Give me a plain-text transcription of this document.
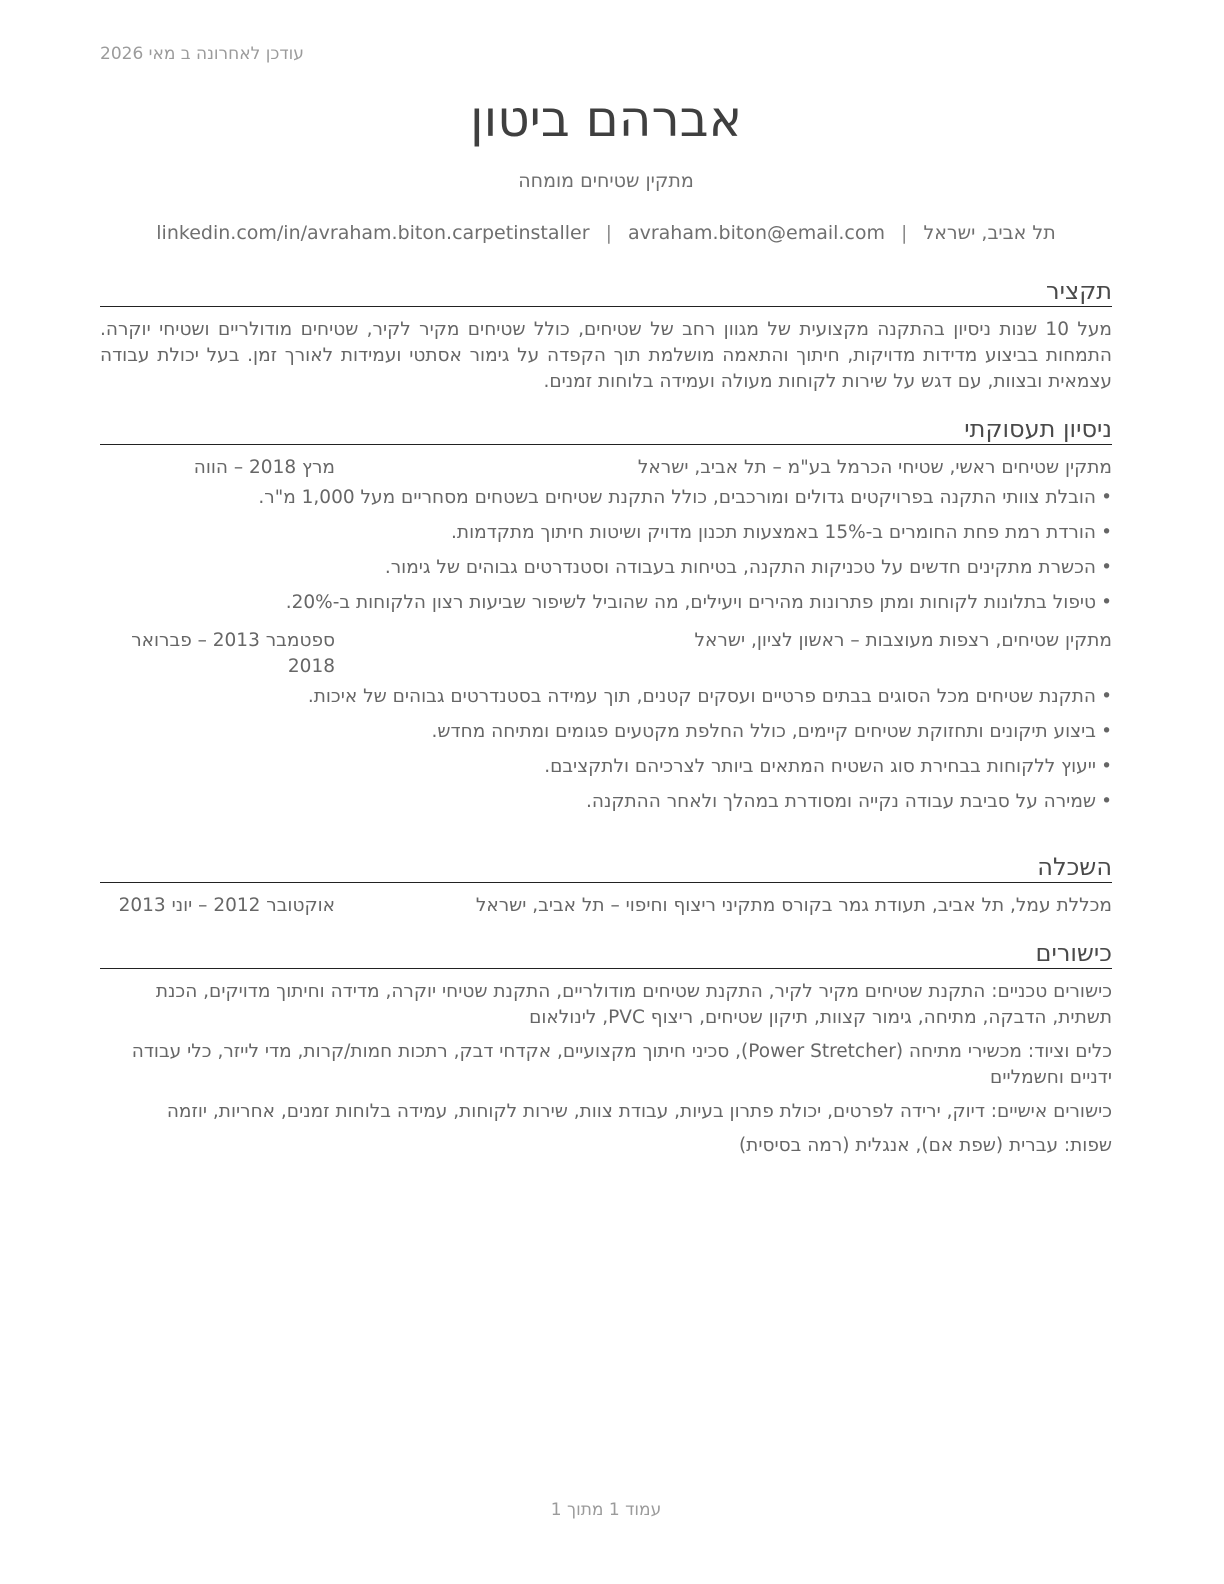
עודכן לאחרונה ב מאי 2026
אברהם ביטון
מתקין שטיחים מומחה
תל אביב, ישראל|avraham.biton@email.com|linkedin.com/in/avraham.biton.carpetinstaller
תקציר

מעל 10 שנות ניסיון בהתקנה מקצועית של מגוון רחב של שטיחים, כולל שטיחים מקיר לקיר, שטיחים מודולריים ושטיחי יוקרה. התמחות בביצוע מדידות מדויקות, חיתוך והתאמה מושלמת תוך הקפדה על גימור אסתטי ועמידות לאורך זמן. בעל יכולת עבודה עצמאית ובצוות, עם דגש על שירות לקוחות מעולה ועמידה בלוחות זמנים.

ניסיון תעסוקתי
מתקין שטיחים ראשי, שטיחי הכרמל בע"מ – תל אביב, ישראל
מרץ 2018 – הווה
• הובלת צוותי התקנה בפרויקטים גדולים ומורכבים, כולל התקנת שטיחים בשטחים מסחריים מעל 1,000 מ"ר.
• הורדת רמת פחת החומרים ב-15% באמצעות תכנון מדויק ושיטות חיתוך מתקדמות.
• הכשרת מתקינים חדשים על טכניקות התקנה, בטיחות בעבודה וסטנדרטים גבוהים של גימור.
• טיפול בתלונות לקוחות ומתן פתרונות מהירים ויעילים, מה שהוביל לשיפור שביעות רצון הלקוחות ב-20%.
מתקין שטיחים, רצפות מעוצבות – ראשון לציון, ישראל
ספטמבר 2013 – פברואר 2018
• התקנת שטיחים מכל הסוגים בבתים פרטיים ועסקים קטנים, תוך עמידה בסטנדרטים גבוהים של איכות.
• ביצוע תיקונים ותחזוקת שטיחים קיימים, כולל החלפת מקטעים פגומים ומתיחה מחדש.
• ייעוץ ללקוחות בבחירת סוג השטיח המתאים ביותר לצרכיהם ולתקציבם.
• שמירה על סביבת עבודה נקייה ומסודרת במהלך ולאחר ההתקנה.
השכלה
מכללת עמל, תל אביב, תעודת גמר בקורס מתקיני ריצוף וחיפוי – תל אביב, ישראל
אוקטובר 2012 – יוני 2013
כישורים

כישורים טכניים: התקנת שטיחים מקיר לקיר, התקנת שטיחים מודולריים, התקנת שטיחי יוקרה, מדידה וחיתוך מדויקים, הכנת תשתית, הדבקה, מתיחה, גימור קצוות, תיקון שטיחים, ריצוף PVC, לינולאום

כלים וציוד: מכשירי מתיחה (Power Stretcher), סכיני חיתוך מקצועיים, אקדחי דבק, רתכות חמות/קרות, מדי לייזר, כלי עבודה ידניים וחשמליים

כישורים אישיים: דיוק, ירידה לפרטים, יכולת פתרון בעיות, עבודת צוות, שירות לקוחות, עמידה בלוחות זמנים, אחריות, יוזמה

שפות: עברית (שפת אם), אנגלית (רמה בסיסית)

עמוד 1 מתוך 1
